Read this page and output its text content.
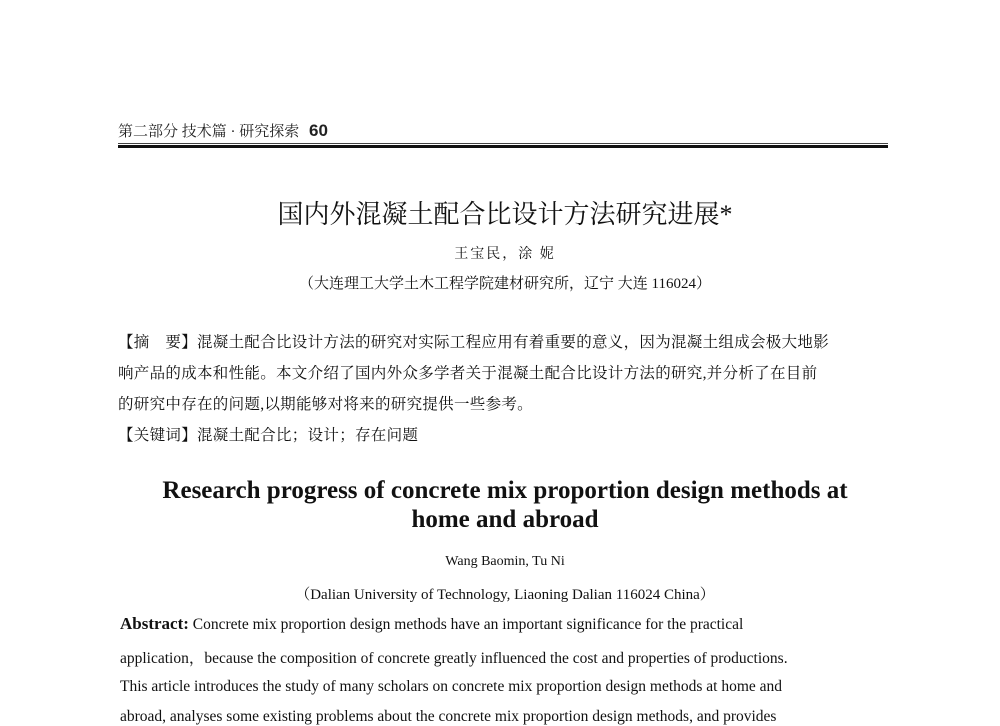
第二部分 技术篇 · 研究探索 60
国内外混凝土配合比设计方法研究进展*
王宝民，涂 妮
（大连理工大学土木工程学院建材研究所，辽宁 大连 116024）
【摘　要】混凝土配合比设计方法的研究对实际工程应用有着重要的意义，因为混凝土组成会极大地影
响产品的成本和性能。本文介绍了国内外众多学者关于混凝土配合比设计方法的研究,并分析了在目前
的研究中存在的问题,以期能够对将来的研究提供一些参考。
【关键词】混凝土配合比；设计；存在问题
Research progress of concrete mix proportion design methods at
home and abroad
Wang Baomin, Tu Ni
（Dalian University of Technology, Liaoning Dalian 116024 China）
Abstract: Concrete mix proportion design methods have an important significance for the practical
application，because the composition of concrete greatly influenced the cost and properties of productions.
This article introduces the study of many scholars on concrete mix proportion design methods at home and
abroad, analyses some existing problems about the concrete mix proportion design methods, and provides
